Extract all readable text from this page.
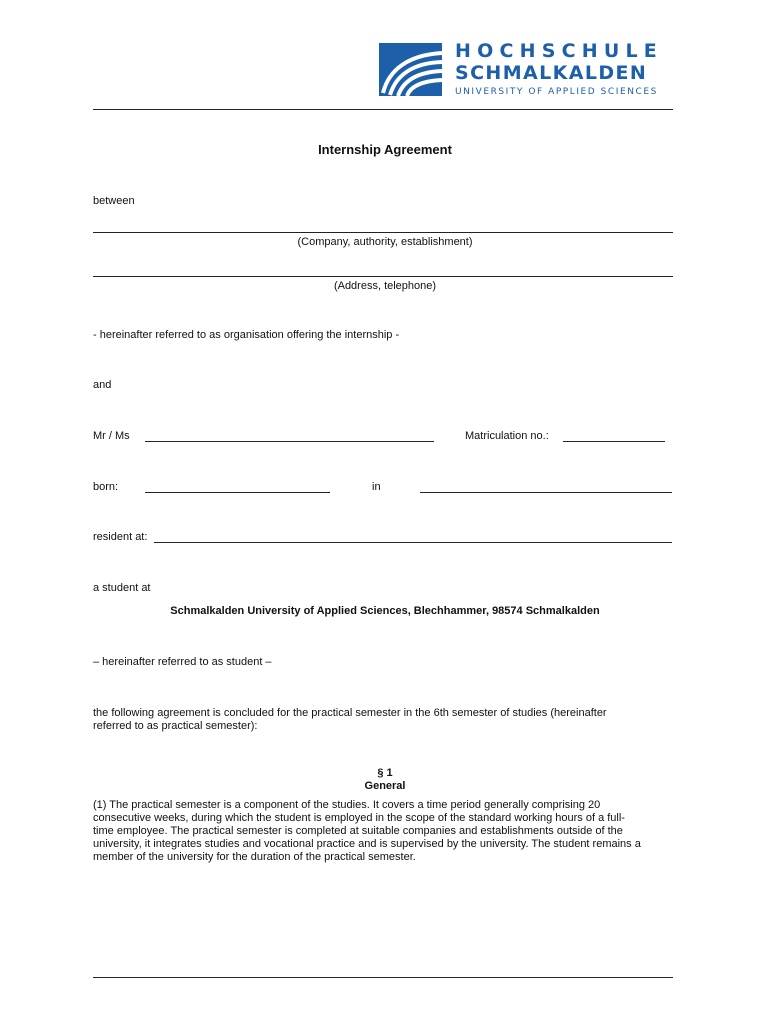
HOCHSCHULE
SCHMALKALDEN
UNIVERSITY OF APPLIED SCIENCES
Internship Agreement
between
(Company, authority, establishment)
(Address, telephone)
- hereinafter referred to as organisation offering the internship -
and
Mr / Ms	Matriculation no.:
born:	in
resident at:
a student at
Schmalkalden University of Applied Sciences, Blechhammer, 98574 Schmalkalden
– hereinafter referred to as student –
the following agreement is concluded for the practical semester in the 6th semester of studies (hereinafter
referred to as practical semester):
§ 1
General
(1) The practical semester is a component of the studies. It covers a time period generally comprising 20
consecutive weeks, during which the student is employed in the scope of the standard working hours of a full-
time employee. The practical semester is completed at suitable companies and establishments outside of the
university, it integrates studies and vocational practice and is supervised by the university. The student remains a
member of the university for the duration of the practical semester.
